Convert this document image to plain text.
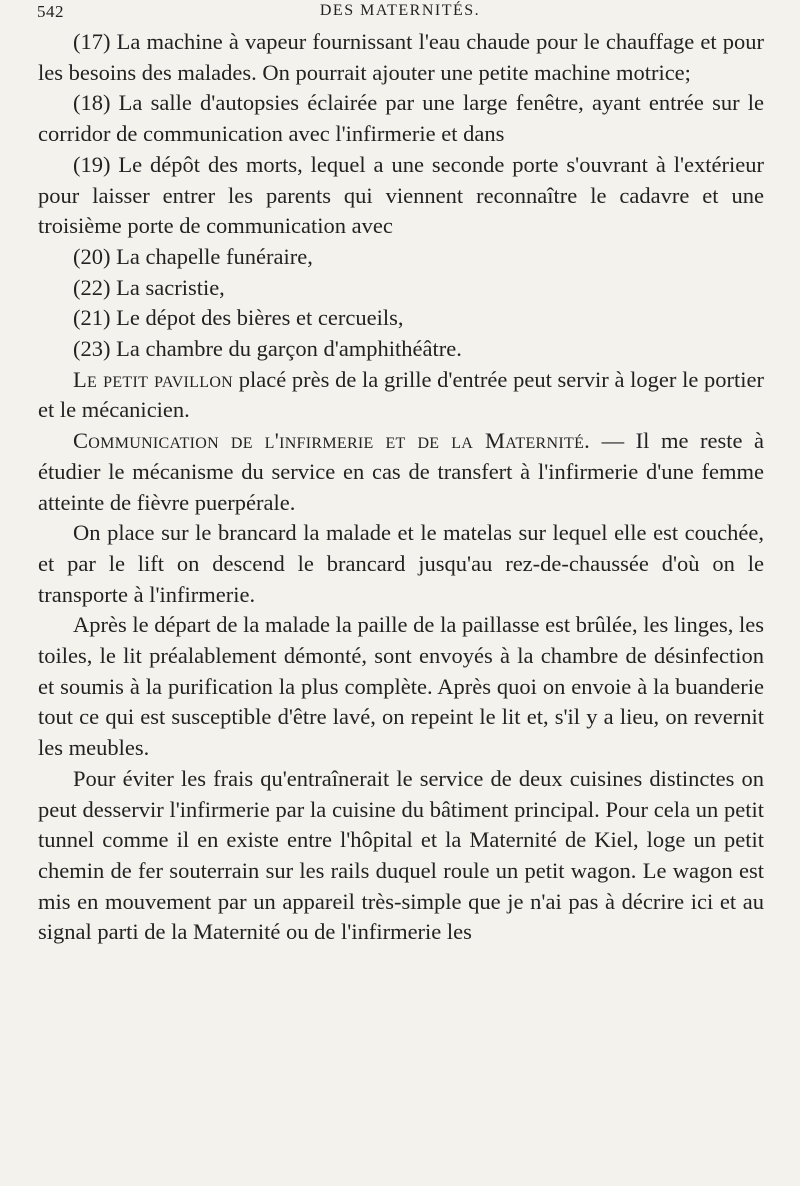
542	DES MATERNITÉS.

(17) La machine à vapeur fournissant l'eau chaude pour le chauffage et pour les besoins des malades. On pourrait ajouter une petite machine motrice;

(18) La salle d'autopsies éclairée par une large fenêtre, ayant entrée sur le corridor de communication avec l'infirmerie et dans

(19) Le dépôt des morts, lequel a une seconde porte s'ouvrant à l'extérieur pour laisser entrer les parents qui viennent reconnaître le cadavre et une troisième porte de communication avec

(20) La chapelle funéraire,

(22) La sacristie,

(21) Le dépot des bières et cercueils,

(23) La chambre du garçon d'amphithéâtre.

Le petit pavillon placé près de la grille d'entrée peut servir à loger le portier et le mécanicien.

Communication de l'infirmerie et de la Maternité. — Il me reste à étudier le mécanisme du service en cas de transfert à l'infirmerie d'une femme atteinte de fièvre puerpérale.

On place sur le brancard la malade et le matelas sur lequel elle est couchée, et par le lift on descend le brancard jusqu'au rez-de-chaussée d'où on le transporte à l'infirmerie.

Après le départ de la malade la paille de la paillasse est brûlée, les linges, les toiles, le lit préalablement démonté, sont envoyés à la chambre de désinfection et soumis à la purification la plus complète. Après quoi on envoie à la buanderie tout ce qui est susceptible d'être lavé, on repeint le lit et, s'il y a lieu, on revernit les meubles.

Pour éviter les frais qu'entraînerait le service de deux cuisines distinctes on peut desservir l'infirmerie par la cuisine du bâtiment principal. Pour cela un petit tunnel comme il en existe entre l'hôpital et la Maternité de Kiel, loge un petit chemin de fer souterrain sur les rails duquel roule un petit wagon. Le wagon est mis en mouvement par un appareil très-simple que je n'ai pas à décrire ici et au signal parti de la Maternité ou de l'infirmerie les
